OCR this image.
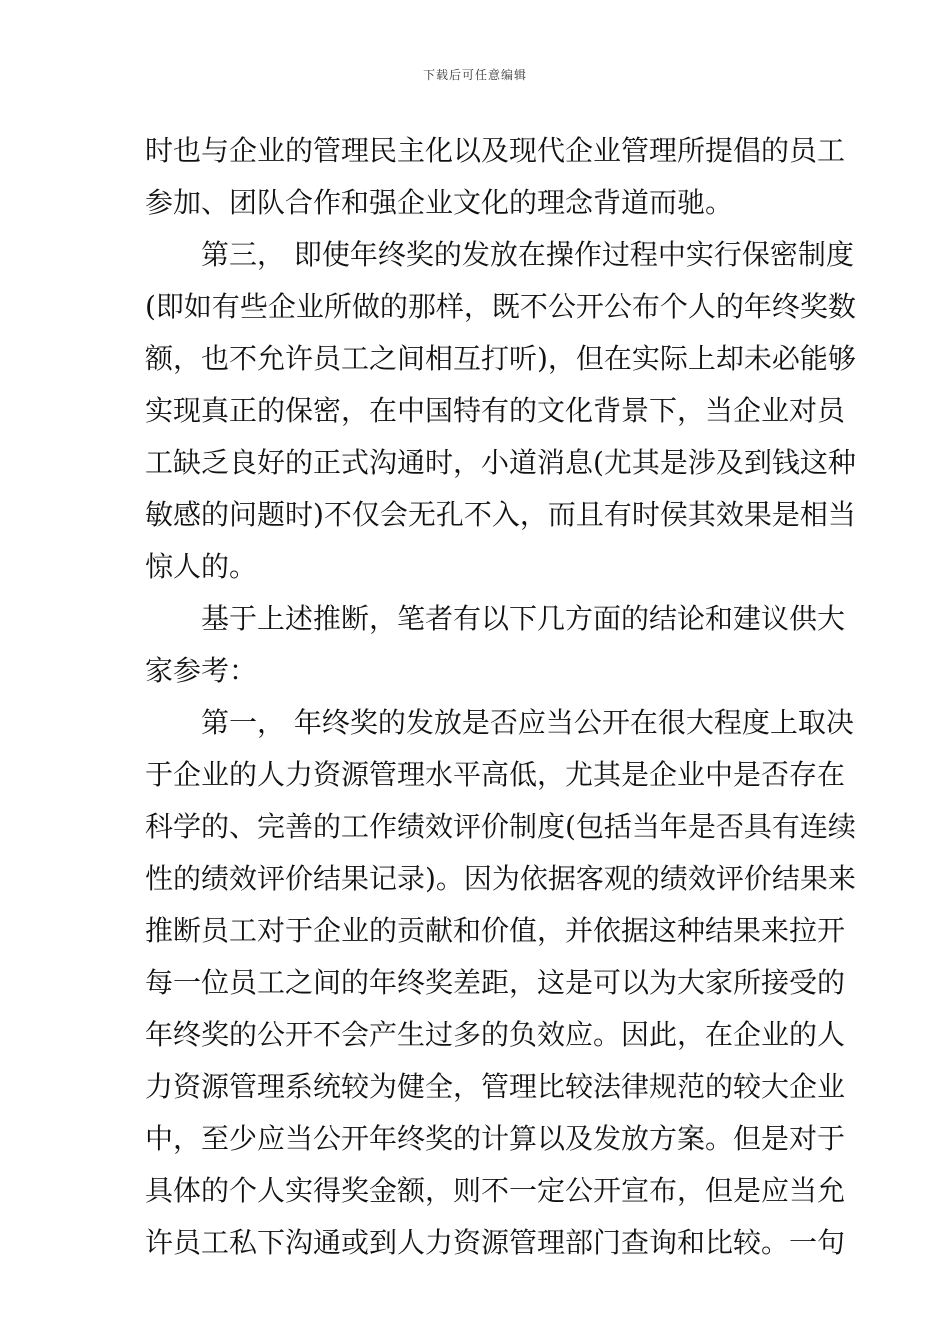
下载后可任意编辑
时也与企业的管理民主化以及现代企业管理所提倡的员工
参加、团队合作和强企业文化的理念背道而驰。
第三， 即使年终奖的发放在操作过程中实行保密制度
(即如有些企业所做的那样，既不公开公布个人的年终奖数
额，也不允许员工之间相互打听)，但在实际上却未必能够
实现真正的保密，在中国特有的文化背景下，当企业对员
工缺乏良好的正式沟通时，小道消息(尤其是涉及到钱这种
敏感的问题时)不仅会无孔不入，而且有时侯其效果是相当
惊人的。
基于上述推断，笔者有以下几方面的结论和建议供大
家参考：
第一， 年终奖的发放是否应当公开在很大程度上取决
于企业的人力资源管理水平高低，尤其是企业中是否存在
科学的、完善的工作绩效评价制度(包括当年是否具有连续
性的绩效评价结果记录)。因为依据客观的绩效评价结果来
推断员工对于企业的贡献和价值，并依据这种结果来拉开
每一位员工之间的年终奖差距，这是可以为大家所接受的
年终奖的公开不会产生过多的负效应。因此，在企业的人
力资源管理系统较为健全，管理比较法律规范的较大企业
中，至少应当公开年终奖的计算以及发放方案。但是对于
具体的个人实得奖金额，则不一定公开宣布，但是应当允
许员工私下沟通或到人力资源管理部门查询和比较。一句
